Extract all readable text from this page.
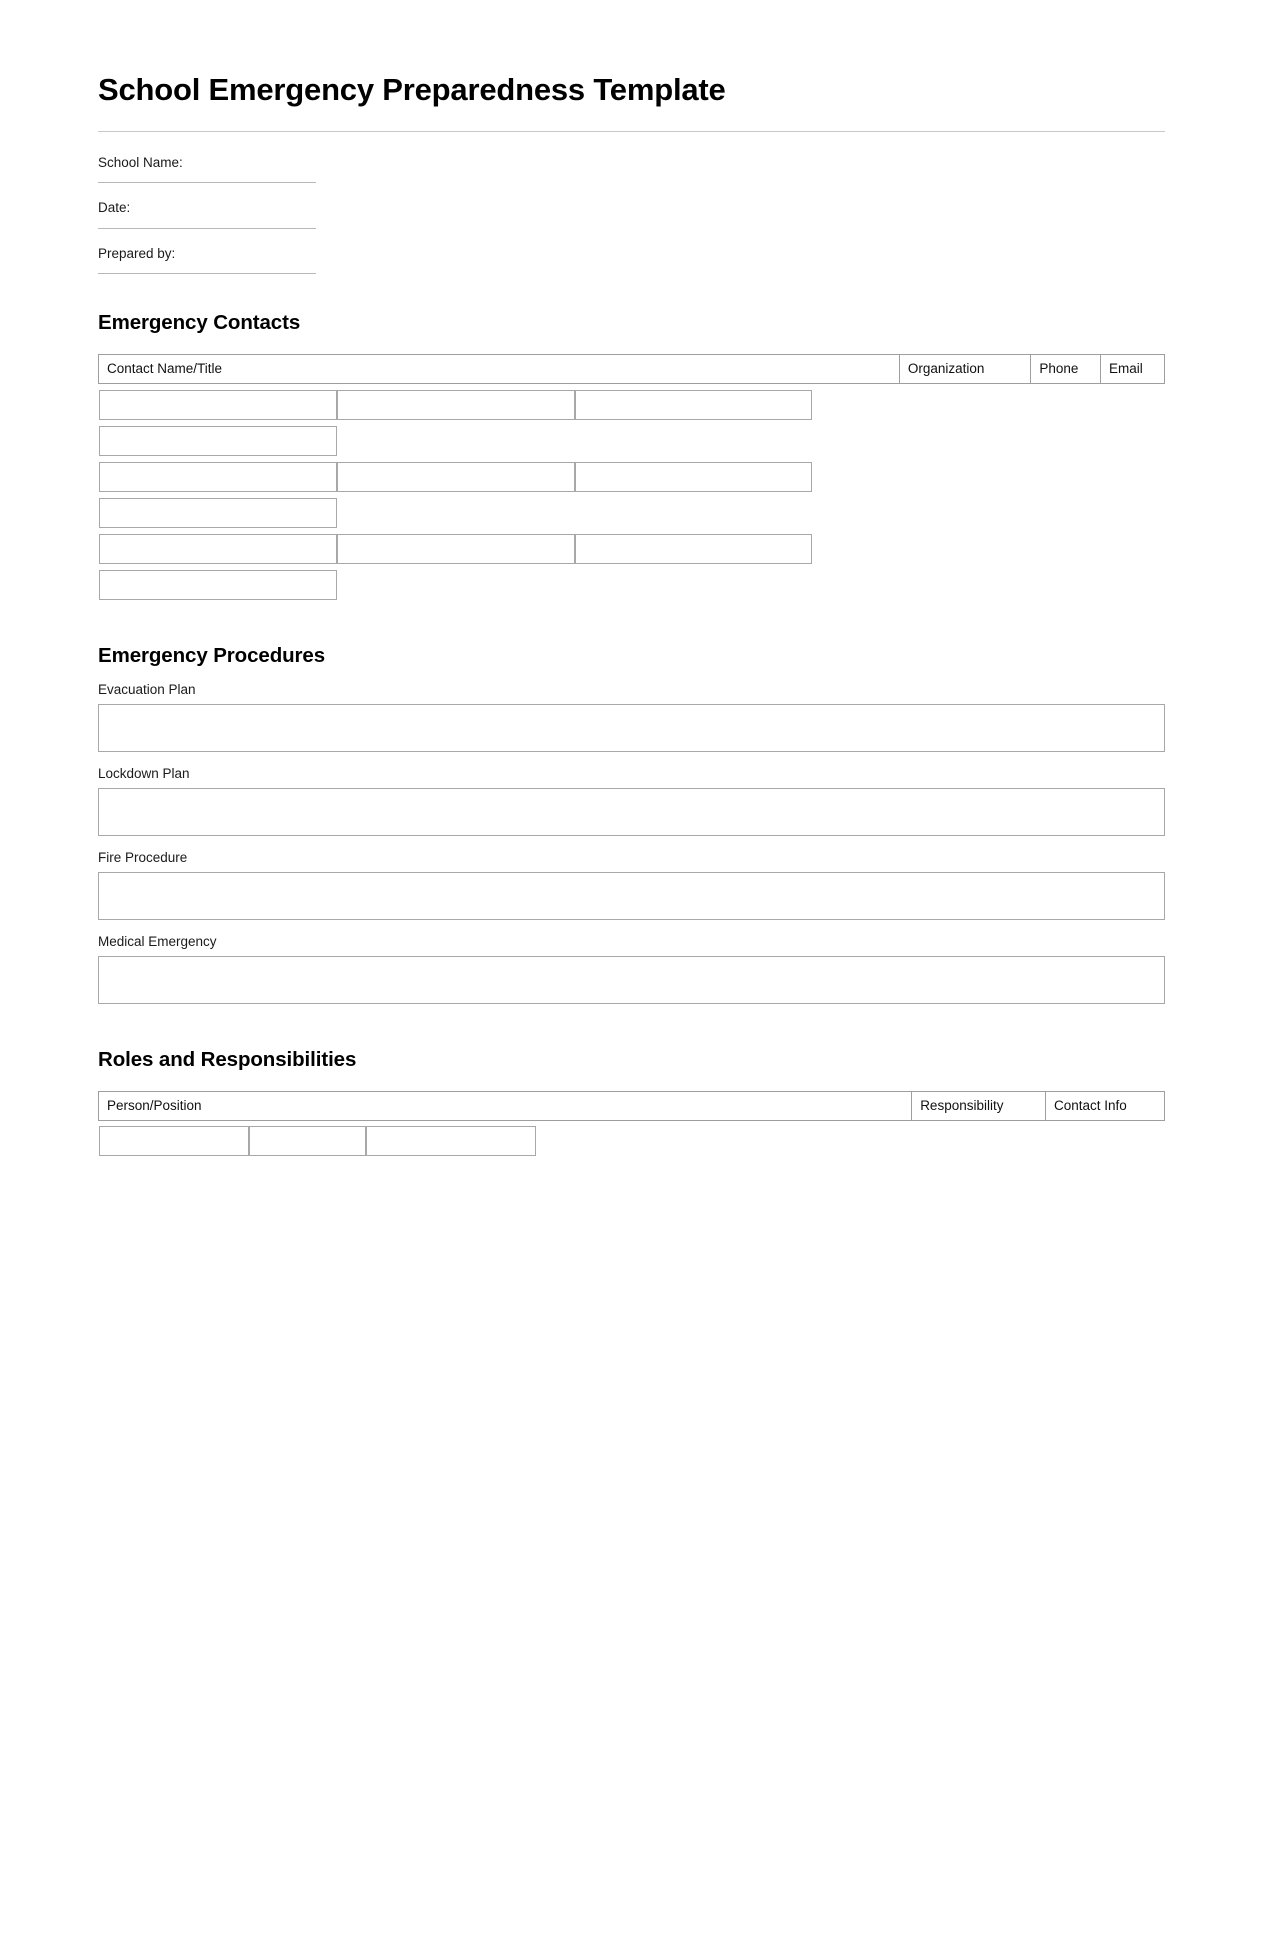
School Emergency Preparedness Template
School Name:
Date:
Prepared by:
Emergency Contacts
Contact Name/Title	Organization	Phone	Email

Emergency Procedures
Evacuation Plan
Lockdown Plan
Fire Procedure
Medical Emergency
Roles and Responsibilities
Person/Position	Responsibility	Contact Info
